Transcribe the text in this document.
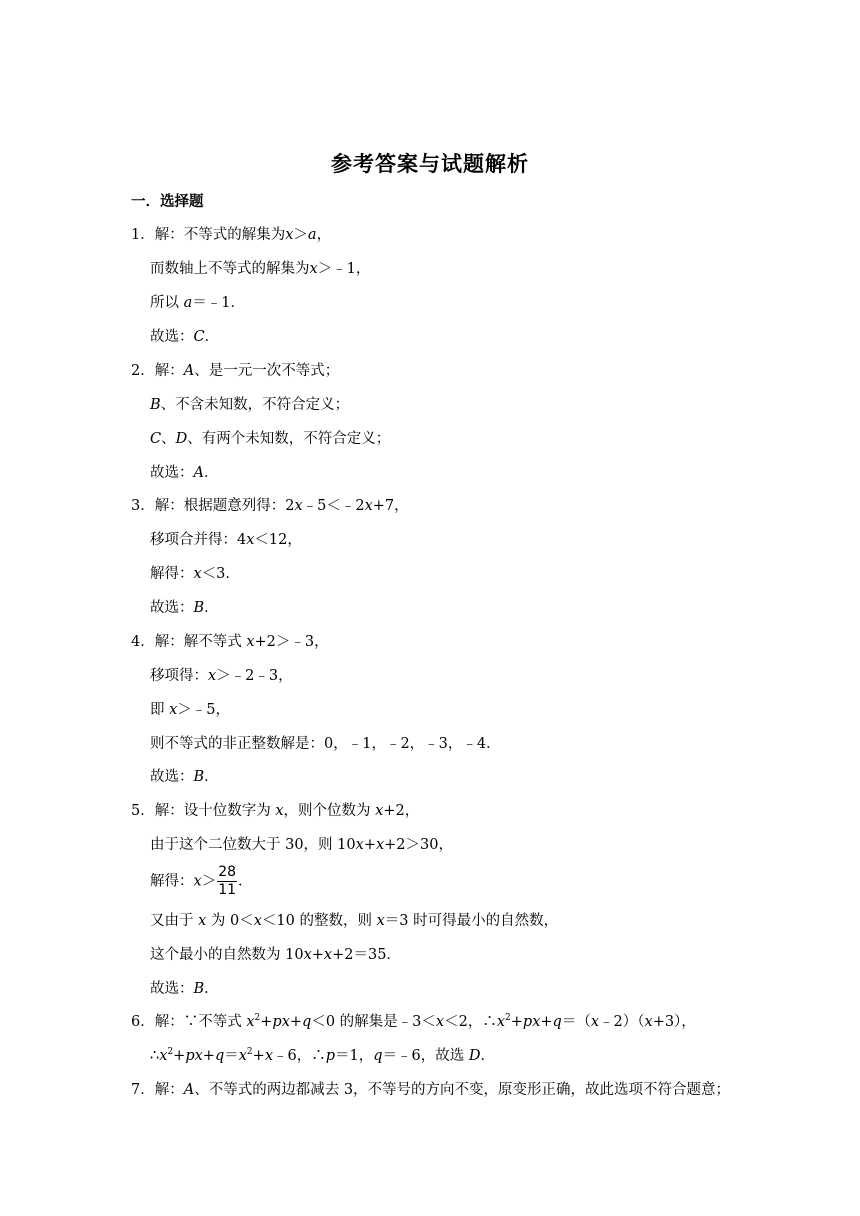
参考答案与试题解析
一．选择题
1．解：不等式的解集为x＞a，
而数轴上不等式的解集为x＞﹣1，
所以 a＝﹣1．
故选：C．
2．解：A、是一元一次不等式；
B、不含未知数，不符合定义；
C、D、有两个未知数，不符合定义；
故选：A．
3．解：根据题意列得：2x﹣5＜﹣2x+7，
移项合并得：4x＜12，
解得：x＜3．
故选：B．
4．解：解不等式 x+2＞﹣3，
移项得：x＞﹣2﹣3，
即 x＞﹣5，
则不等式的非正整数解是：0，﹣1，﹣2，﹣3，﹣4．
故选：B．
5．解：设十位数字为 x，则个位数为 x+2，
由于这个二位数大于 30，则 10x+x+2＞30，
解得：$x> \frac{28}{11}$ ．
又由于 x 为 0＜x＜10 的整数，则 x＝3 时可得最小的自然数，
这个最小的自然数为 10x+x+2＝35．
故选：B．
6．解：∵不等式 $x^2+px+q<0$ 的解集是﹣3＜x＜2，$\therefore x^2+px+q=(x﹣2)(x+3)$，
$\therefore x^2+px+q=x^2+x﹣6$，∴p＝1，q＝﹣6，故选 D．
7．解：A、不等式的两边都减去 3，不等号的方向不变，原变形正确，故此选项不符合题意；
